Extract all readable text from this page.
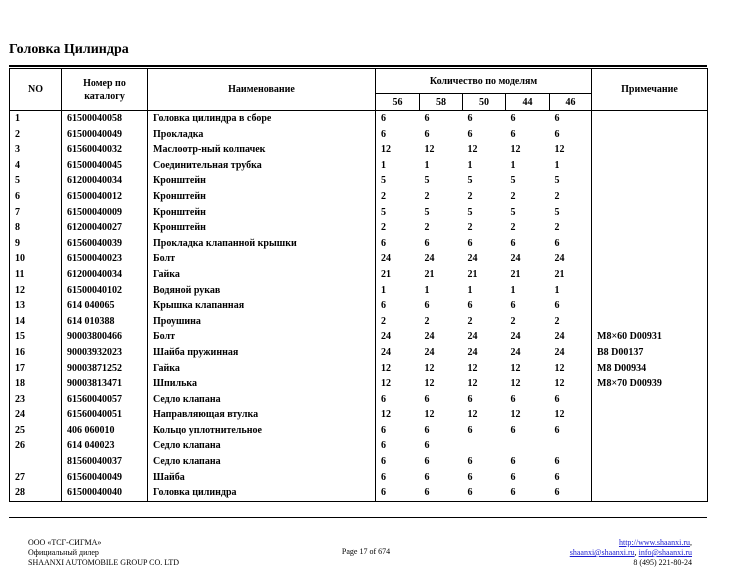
Головка Цилиндра
NO	Номер по
каталогу	Наименование	Количество по моделям					Примечание
			56	58	50	44	46	
1	61500040058	Головка цилиндра в сборе	6	6	6	6	6	
2	61500040049	Прокладка	6	6	6	6	6	
3	61560040032	Маслоотр-ный колпачек	12	12	12	12	12	
4	61500040045	Соединительная трубка	1	1	1	1	1	
5	61200040034	Кронштейн	5	5	5	5	5	
6	61500040012	Кронштейн	2	2	2	2	2	
7	61500040009	Кронштейн	5	5	5	5	5	
8	61200040027	Кронштейн	2	2	2	2	2	
9	61560040039	Прокладка клапанной крышки	6	6	6	6	6	
10	61500040023	Болт	24	24	24	24	24	
11	61200040034	Гайка	21	21	21	21	21	
12	61500040102	Водяной рукав	1	1	1	1	1	
13	614 040065	Крышка клапанная	6	6	6	6	6	
14	614 010388	Проушина	2	2	2	2	2	
15	90003800466	Болт	24	24	24	24	24	M8×60 D00931
16	90003932023	Шайба пружинная	24	24	24	24	24	B8 D00137
17	90003871252	Гайка	12	12	12	12	12	M8 D00934
18	90003813471	Шпилька	12	12	12	12	12	M8×70 D00939
23	61560040057	Седло клапана	6	6	6	6	6	
24	61560040051	Направляющая втулка	12	12	12	12	12	
25	406 060010	Кольцо уплотнительное	6	6	6	6	6	
26	614 040023	Седло клапана	6	6				
	81560040037	Седло клапана	6	6	6	6	6	
27	61560040049	Шайба	6	6	6	6	6	
28	61500040040	Головка цилиндра	6	6	6	6	6	
ООО «ТСГ-СИГМА»
Официальный дилер
SHAANXI AUTOMOBILE GROUP CO. LTD
Page 17 of 674
http://www.shaanxi.ru,
shaanxi@shaanxi.ru, info@shaanxi.ru
8 (495) 221-80-24
